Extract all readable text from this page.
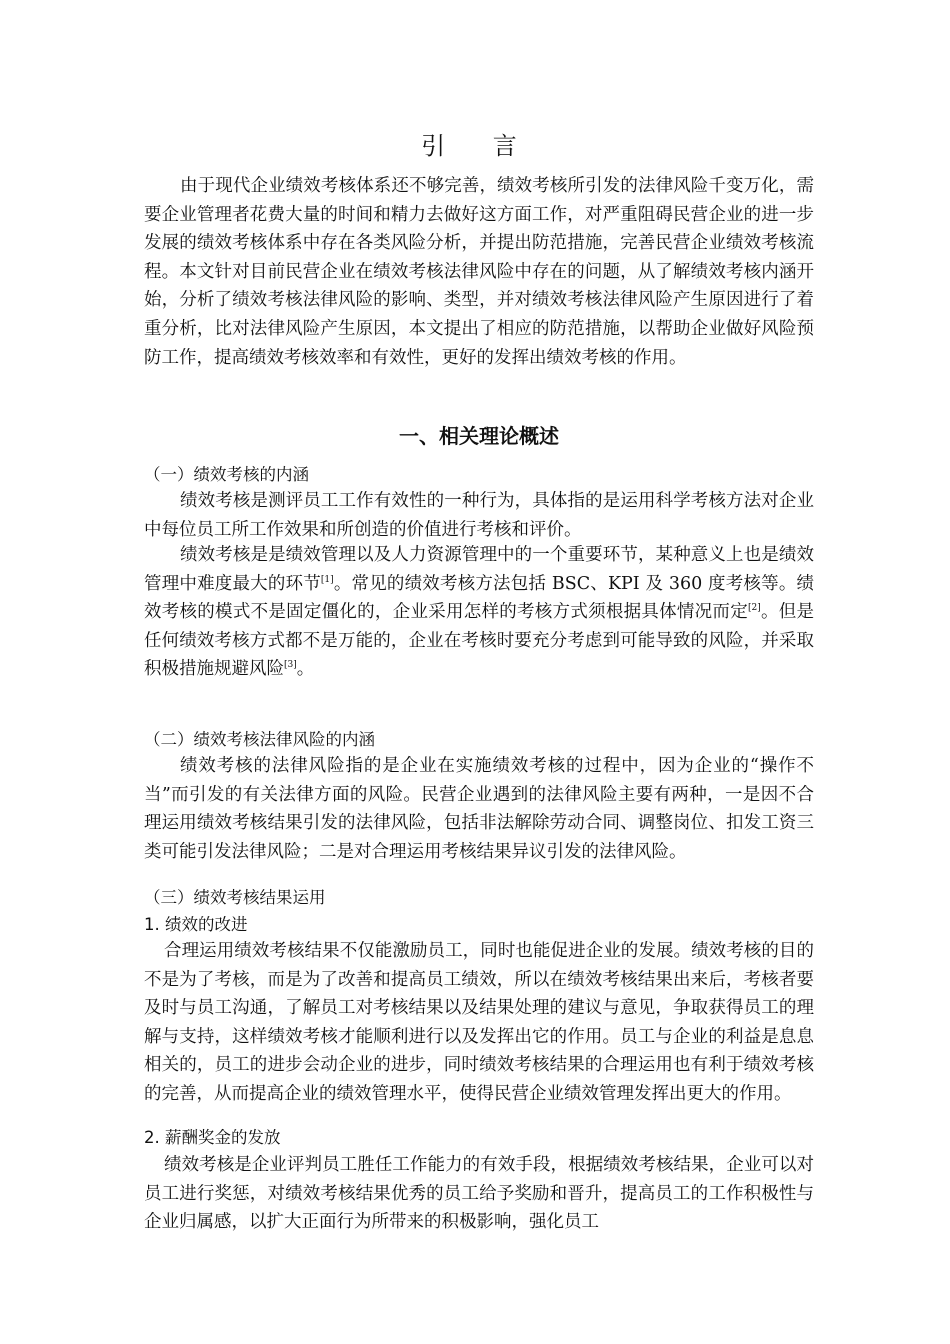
引 言

由于现代企业绩效考核体系还不够完善，绩效考核所引发的法律风险千变万化，需要企业管理者花费大量的时间和精力去做好这方面工作，对严重阻碍民营企业的进一步发展的绩效考核体系中存在各类风险分析，并提出防范措施，完善民营企业绩效考核流程。本文针对目前民营企业在绩效考核法律风险中存在的问题，从了解绩效考核内涵开始，分析了绩效考核法律风险的影响、类型，并对绩效考核法律风险产生原因进行了着重分析，比对法律风险产生原因，本文提出了相应的防范措施，以帮助企业做好风险预防工作，提高绩效考核效率和有效性，更好的发挥出绩效考核的作用。

一、相关理论概述
（一）绩效考核的内涵

绩效考核是测评员工工作有效性的一种行为，具体指的是运用科学考核方法对企业中每位员工所工作效果和所创造的价值进行考核和评价。

绩效考核是是绩效管理以及人力资源管理中的一个重要环节，某种意义上也是绩效管理中难度最大的环节[1]。常见的绩效考核方法包括 BSC、KPI 及 360 度考核等。绩效考核的模式不是固定僵化的，企业采用怎样的考核方式须根据具体情况而定[2]。但是任何绩效考核方式都不是万能的，企业在考核时要充分考虑到可能导致的风险，并采取积极措施规避风险[3]。

（二）绩效考核法律风险的内涵

绩效考核的法律风险指的是企业在实施绩效考核的过程中，因为企业的“操作不当”而引发的有关法律方面的风险。民营企业遇到的法律风险主要有两种，一是因不合理运用绩效考核结果引发的法律风险，包括非法解除劳动合同、调整岗位、扣发工资三类可能引发法律风险；二是对合理运用考核结果异议引发的法律风险。

（三）绩效考核结果运用
1. 绩效的改进

合理运用绩效考核结果不仅能激励员工，同时也能促进企业的发展。绩效考核的目的不是为了考核，而是为了改善和提高员工绩效，所以在绩效考核结果出来后，考核者要及时与员工沟通，了解员工对考核结果以及结果处理的建议与意见，争取获得员工的理解与支持，这样绩效考核才能顺利进行以及发挥出它的作用。员工与企业的利益是息息相关的，员工的进步会动企业的进步，同时绩效考核结果的合理运用也有利于绩效考核的完善，从而提高企业的绩效管理水平，使得民营企业绩效管理发挥出更大的作用。

2. 薪酬奖金的发放

绩效考核是企业评判员工胜任工作能力的有效手段，根据绩效考核结果，企业可以对员工进行奖惩，对绩效考核结果优秀的员工给予奖励和晋升，提高员工的工作积极性与企业归属感，以扩大正面行为所带来的积极影响，强化员工
